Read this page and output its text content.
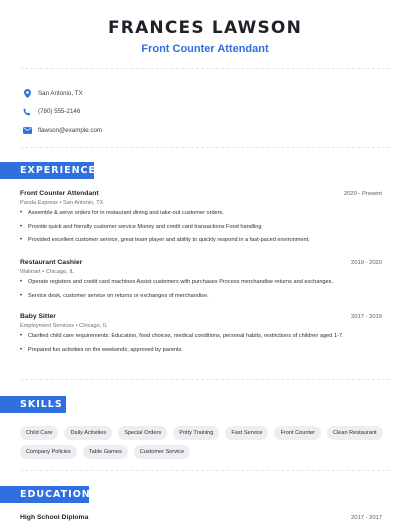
FRANCES LAWSON
Front Counter Attendant
San Antonio, TX
(780) 555-2146
flawson@example.com
EXPERIENCE
Front Counter Attendant	2020 - Present
Panda Express • San Antonio, TX
•	Assemble & serve orders for in restaurant dining and take-out customer orders.
•	Provide quick and friendly customer service Money and credit card transactions Food handling
•	Provided excellent customer service, great team player and ability to quickly respond in a fast-paced environment.
Restaurant Cashier	2019 - 2020
Walmart • Chicago, IL
•	Operate registers and credit card machines Assist customers with purchases Process merchandise returns and exchanges.
•	Service desk, customer service on returns or exchanges of merchandise.
Baby Sitter	2017 - 2019
Employment Services • Chicago, IL
•	Clarified child care requirements: Education, food choices, medical conditions, personal habits, restrictions of children aged 1-7.
•	Prepared fun activities on the weekends; approved by parents.
SKILLS
Child Care	Daily Activities	Special Orders	Potty Training	Fast Service	Front Counter	Clean Restaurant
Company Policies	Table Games	Customer Service
EDUCATION
High School Diploma	2017 - 2017
